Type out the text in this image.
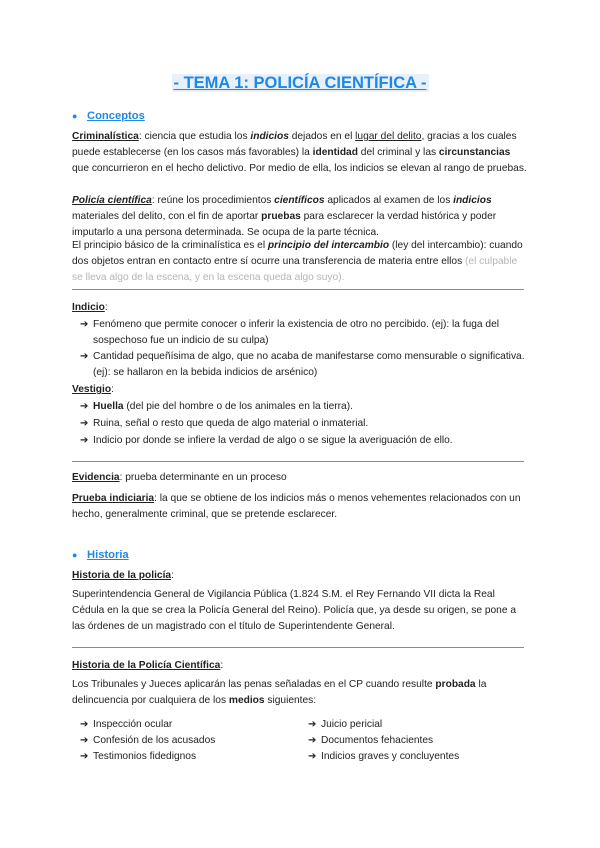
- TEMA 1: POLICÍA CIENTÍFICA -
● Conceptos
Criminalística: ciencia que estudia los indicios dejados en el lugar del delito, gracias a los cuales puede establecerse (en los casos más favorables) la identidad del criminal y las circunstancias que concurrieron en el hecho delictivo. Por medio de ella, los indicios se elevan al rango de pruebas.
Policía científica: reúne los procedimientos científicos aplicados al examen de los indicios materiales del delito, con el fin de aportar pruebas para esclarecer la verdad histórica y poder imputarlo a una persona determinada. Se ocupa de la parte técnica.
El principio básico de la criminalística es el principio del intercambio (ley del intercambio): cuando dos objetos entran en contacto entre sí ocurre una transferencia de materia entre ellos (el culpable se lleva algo de la escena, y en la escena queda algo suyo).
Indicio:
➔ Fenómeno que permite conocer o inferir la existencia de otro no percibido. (ej): la fuga del sospechoso fue un indicio de su culpa)
➔ Cantidad pequeñísima de algo, que no acaba de manifestarse como mensurable o significativa. (ej): se hallaron en la bebida indicios de arsénico)
Vestigio:
➔ Huella (del pie del hombre o de los animales en la tierra).
➔ Ruina, señal o resto que queda de algo material o inmaterial.
➔ Indicio por donde se infiere la verdad de algo o se sigue la averiguación de ello.
Evidencia: prueba determinante en un proceso
Prueba indiciaria: la que se obtiene de los indicios más o menos vehementes relacionados con un hecho, generalmente criminal, que se pretende esclarecer.
● Historia
Historia de la policía:
Superintendencia General de Vigilancia Pública (1.824 S.M. el Rey Fernando VII dicta la Real Cédula en la que se crea la Policía General del Reino). Policía que, ya desde su origen, se pone a las órdenes de un magistrado con el título de Superintendente General.
Historia de la Policía Científica:
Los Tribunales y Jueces aplicarán las penas señaladas en el CP cuando resulte probada la delincuencia por cualquiera de los medios siguientes:
➔ Inspección ocular
➔ Confesión de los acusados
➔ Testimonios fidedignos
➔ Juicio pericial
➔ Documentos fehacientes
➔ Indicios graves y concluyentes
